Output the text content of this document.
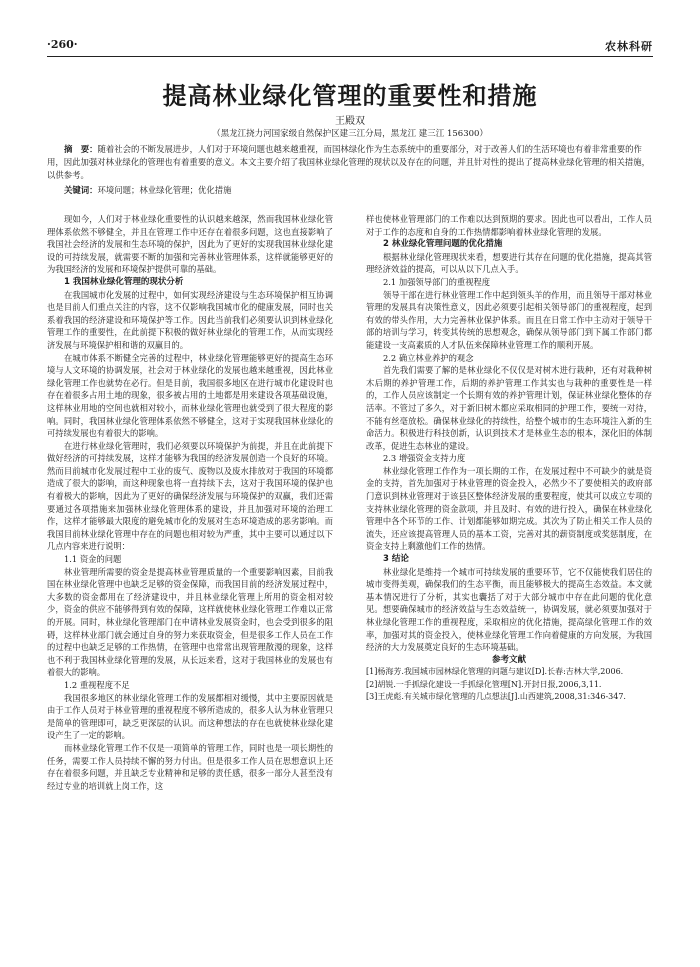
·260·	农林科研
提高林业绿化管理的重要性和措施
王殿双
（黑龙江挠力河国家级自然保护区建三江分局，黑龙江 建三江 156300）
摘　要：随着社会的不断发展进步，人们对于环境问题也越来越重视，而国林绿化作为生态系统中的重要部分，对于改善人们的生活环境也有着非常重要的作用，因此加强对林业绿化的管理也有着重要的意义。本文主要介绍了我国林业绿化管理的现状以及存在的问题，并且针对性的提出了提高林业绿化管理的相关措施，以供参考。
关键词：环境问题；林业绿化管理；优化措施

现如今，人们对于林业绿化重要性的认识越来越深，然而我国林业绿化管理体系依然不够健全，并且在管理工作中还存在着很多问题，这也直接影响了我国社会经济的发展和生态环境的保护，因此为了更好的实现我国林业绿化建设的可持续发展，就需要不断的加强和完善林业管理体系，这样就能够更好的为我国经济的发展和环境保护提供可靠的基础。

1 我国林业绿化管理的现状分析

在我国城市化发展的过程中，如何实现经济建设与生态环境保护相互协调也是目前人们重点关注的内容，这不仅影响我国城市化的健康发展，同时也关系着我国的经济建设和环境保护等工作。因此当前我们必须要认识到林业绿化管理工作的重要性，在此前提下积极的做好林业绿化的管理工作，从而实现经济发展与环境保护相和谐的双赢目的。

在城市体系不断健全完善的过程中，林业绿化管理能够更好的提高生态环境与人文环境的协调发展，社会对于林业绿化的发展也越来越重视，因此林业绿化管理工作也就势在必行。但是目前，我国很多地区在进行城市化建设时也存在着很多占用土地的现象，很多被占用的土地都是用来建设各项基础设施，这样林业用地的空间也就相对较小，而林业绿化管理也就受到了很大程度的影响。同时，我国林业绿化管理体系依然不够健全，这对于实现我国林业绿化的可持续发展也有着很大的影响。

在进行林业绿化管理时，我们必须要以环境保护为前提，并且在此前提下做好经济的可持续发展，这样才能够为我国的经济发展创造一个良好的环境。然而目前城市化发展过程中工业的废气、废物以及废水排放对于我国的环境都造成了很大的影响，而这种现象也将一直持续下去，这对于我国环境的保护也有着极大的影响，因此为了更好的确保经济发展与环境保护的双赢，我们还需要通过各项措施来加强林业绿化管理体系的建设，并且加强对环境的治理工作，这样才能够最大限度的避免城市化的发展对生态环境造成的恶劣影响。而我国目前林业绿化管理中存在的问题也相对较为严重，其中主要可以通过以下几点内容来进行说明：

1.1 资金的问题

林业管理所需要的资金是提高林业管理质量的一个重要影响因素，目前我国在林业绿化管理中也缺乏足够的资金保障，而我国目前的经济发展过程中，大多数的资金都用在了经济建设中，并且林业绿化管理上所用的资金相对较少，资金的供应不能够得到有效的保障，这样就使林业绿化管理工作难以正常的开展。同时，林业绿化管理部门在申请林业发展资金时，也会受到很多的阻碍，这样林业部门就会通过自身的努力来获取资金，但是很多工作人员在工作的过程中也缺乏足够的工作热情，在管理中也常常出现管理散漫的现象，这样也不利于我国林业绿化管理的发展，从长远来看，这对于我国林业的发展也有着很大的影响。

1.2 重视程度不足

我国很多地区的林业绿化管理工作的发展都相对缓慢，其中主要原因就是由于工作人员对于林业管理的重视程度不够所造成的，很多人认为林业管理只是简单的管理即可，缺乏更深层的认识。而这种想法的存在也就使林业绿化建设产生了一定的影响。

而林业绿化管理工作不仅是一项简单的管理工作，同时也是一项长期性的任务，需要工作人员持续不懈的努力付出。但是很多工作人员在思想意识上还存在着很多问题，并且缺乏专业精神和足够的责任感，很多一部分人甚至没有经过专业的培训就上岗工作，这

样也使林业管理部门的工作难以达到预期的要求。因此也可以看出，工作人员对于工作的态度和自身的工作热情都影响着林业绿化管理的发展。

2 林业绿化管理问题的优化措施

根据林业绿化管理现状来看，想要进行其存在问题的优化措施，提高其管理经济效益的提高，可以从以下几点入手。

2.1 加强领导部门的重视程度

领导干部在进行林业管理工作中起到领头羊的作用，而且领导干部对林业管理的发展具有决策性意义，因此必须要引起相关领导部门的重视程度，起到有效的带头作用，大力完善林业保护体系。而且在日常工作中主动对于领导干部的培训与学习，转变其传统的思想观念，确保从领导部门到下属工作部门都能建设一支高素质的人才队伍来保障林业管理工作的顺利开展。

2.2 确立林业养护的观念

首先我们需要了解的是林业绿化不仅仅是对树木进行栽种，还有对栽种树木后期的养护管理工作，后期的养护管理工作其实也与栽种的重要性是一样的，工作人员应该制定一个长期有效的养护管理计划，保证林业绿化整体的存活率。不管过了多久，对于新旧树木都应采取相同的护理工作，要统一对待，不能有丝毫放松。确保林业绿化的持续性，给整个城市的生态环境注入新的生命活力。积极进行科技创新，认识到技术才是林业生态的根本，深化旧的体制改革，促进生态林业的建设。

2.3 增强资金支持力度

林业绿化管理工作作为一项长期的工作，在发展过程中不可缺少的就是资金的支持，首先加强对于林业管理的资金投入，必然少不了要使相关的政府部门意识到林业管理对于该县区整体经济发展的重要程度，使其可以成立专项的支持林业绿化管理的资金款项，并且及时、有效的进行投入，确保在林业绿化管理中各个环节的工作、计划都能够如期完成。其次为了防止相关工作人员的流失，还应该提高管理人员的基本工资，完善对其的薪资制度或奖惩制度，在资金支持上剩激他们工作的热情。

3 结论

林业绿化是维持一个城市可持续发展的重要环节，它不仅能使我们居住的城市变得美观，确保我们的生态平衡，而且能够极大的提高生态效益。本文就基本情况进行了分析，其实也囊括了对于大部分城市中存在此问题的优化意见。想要确保城市的经济效益与生态效益统一，协调发展，就必须要加强对于林业绿化管理工作的重视程度，采取相应的优化措施，提高绿化管理工作的效率，加强对其的资金投入，使林业绿化管理工作向着健康的方向发展，为我国经济的大力发展奠定良好的生态环境基础。

参考文献
[1]杨海芳.我国城市园林绿化管理的问题与建议[D].长春:吉林大学,2006.
[2]胡锐.一手抓绿化建设一手抓绿化管理[N].开封日报,2006,3,11.
[3]王虎彪.有关城市绿化管理的几点想法[J].山西建筑,2008,31:346-347.
